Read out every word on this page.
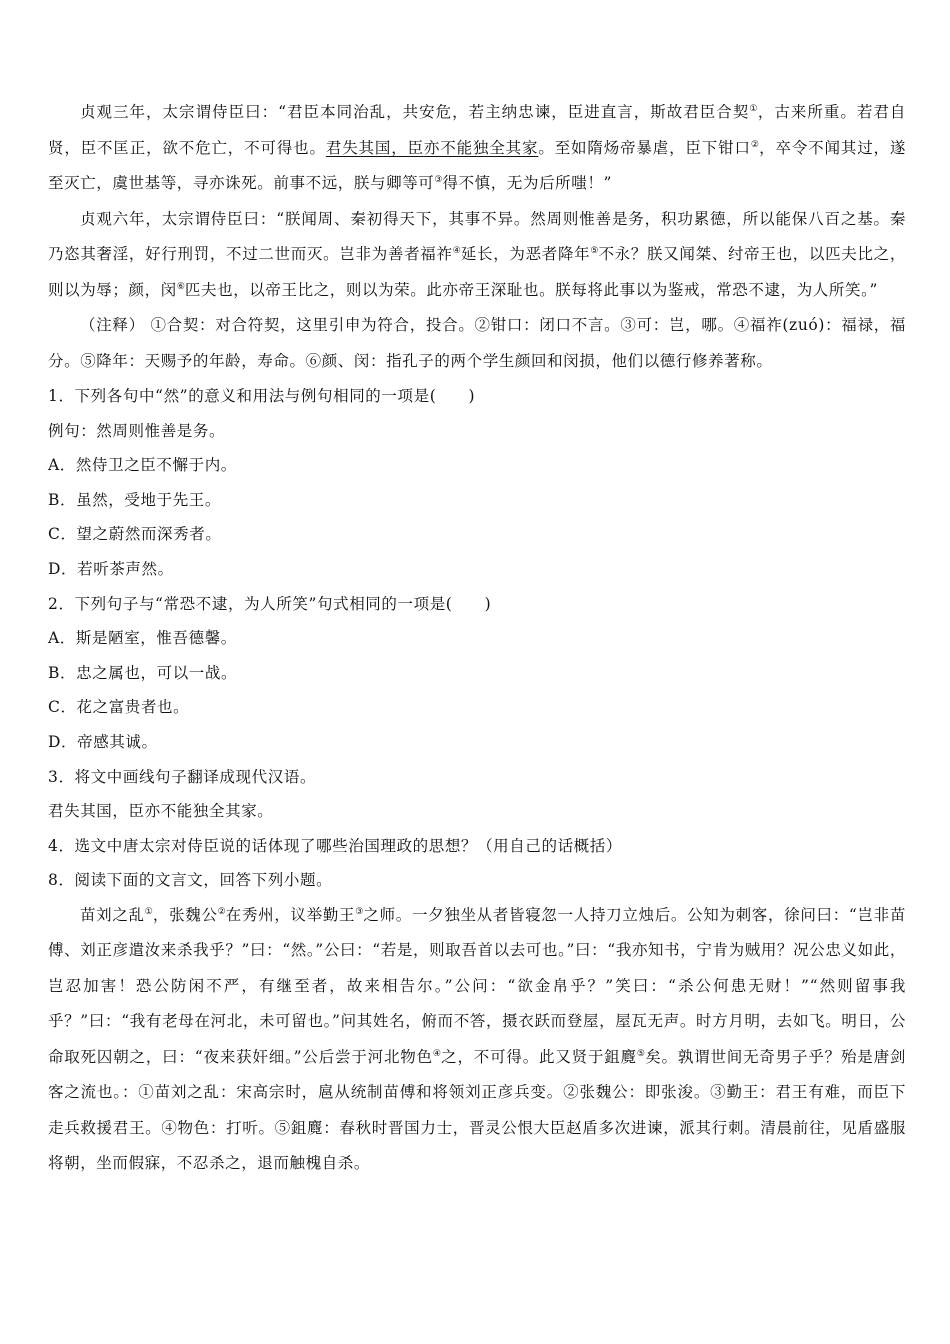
贞观三年，太宗谓侍臣曰：“君臣本同治乱，共安危，若主纳忠谏，臣进直言，斯故君臣合契①，古来所重。若君自贤，臣不匡正，欲不危亡，不可得也。君失其国，臣亦不能独全其家。至如隋炀帝暴虐，臣下钳口②，卒令不闻其过，遂至灭亡，虞世基等，寻亦诛死。前事不远，朕与卿等可③得不慎，无为后所嗤！”

贞观六年，太宗谓侍臣曰：“朕闻周、秦初得天下，其事不异。然周则惟善是务，积功累德，所以能保八百之基。秦乃恣其奢淫，好行刑罚，不过二世而灭。岂非为善者福祚④延长，为恶者降年⑤不永？朕又闻桀、纣帝王也，以匹夫比之，则以为辱；颜，闵⑥匹夫也，以帝王比之，则以为荣。此亦帝王深耻也。朕每将此事以为鉴戒，常恐不逮，为人所笑。”

（注释） ①合契：对合符契，这里引申为符合，投合。②钳口：闭口不言。③可：岂，哪。④福祚(zuó)：福禄，福分。⑤降年：天赐予的年龄，寿命。⑥颜、闵：指孔子的两个学生颜回和闵损，他们以德行修养著称。

1．下列各句中“然”的意义和用法与例句相同的一项是(　　)

例句：然周则惟善是务。

A．然侍卫之臣不懈于内。

B．虽然，受地于先王。

C．望之蔚然而深秀者。

D．若听茶声然。

2．下列句子与“常恐不逮，为人所笑”句式相同的一项是(　　)

A．斯是陋室，惟吾德馨。

B．忠之属也，可以一战。

C．花之富贵者也。

D．帝感其诚。

3．将文中画线句子翻译成现代汉语。

君失其国，臣亦不能独全其家。

4．选文中唐太宗对侍臣说的话体现了哪些治国理政的思想？（用自己的话概括）

8．阅读下面的文言文，回答下列小题。

苗刘之乱①，张魏公②在秀州，议举勤王③之师。一夕独坐从者皆寝忽一人持刀立烛后。公知为刺客，徐问曰：“岂非苗傅、刘正彦遣汝来杀我乎？”曰：“然。”公曰：“若是，则取吾首以去可也。”曰：“我亦知书，宁肯为贼用？况公忠义如此，岂忍加害！恐公防闲不严，有继至者，故来相告尔。”公问：“欲金帛乎？”笑曰：“杀公何患无财！”“然则留事我乎？”曰：“我有老母在河北，未可留也。”问其姓名，俯而不答，摄衣跃而登屋，屋瓦无声。时方月明，去如飞。明日，公命取死囚朝之，曰：“夜来获奸细。”公后尝于河北物色④之，不可得。此又贤于鉏麑⑤矣。孰谓世间无奇男子乎？殆是唐剑客之流也。：①苗刘之乱：宋高宗时，扈从统制苗傅和将领刘正彦兵变。②张魏公：即张浚。③勤王：君王有难，而臣下走兵救援君王。④物色：打听。⑤鉏麑：春秋时晋国力士，晋灵公恨大臣赵盾多次进谏，派其行刺。清晨前往，见盾盛服将朝，坐而假寐，不忍杀之，退而触槐自杀。
